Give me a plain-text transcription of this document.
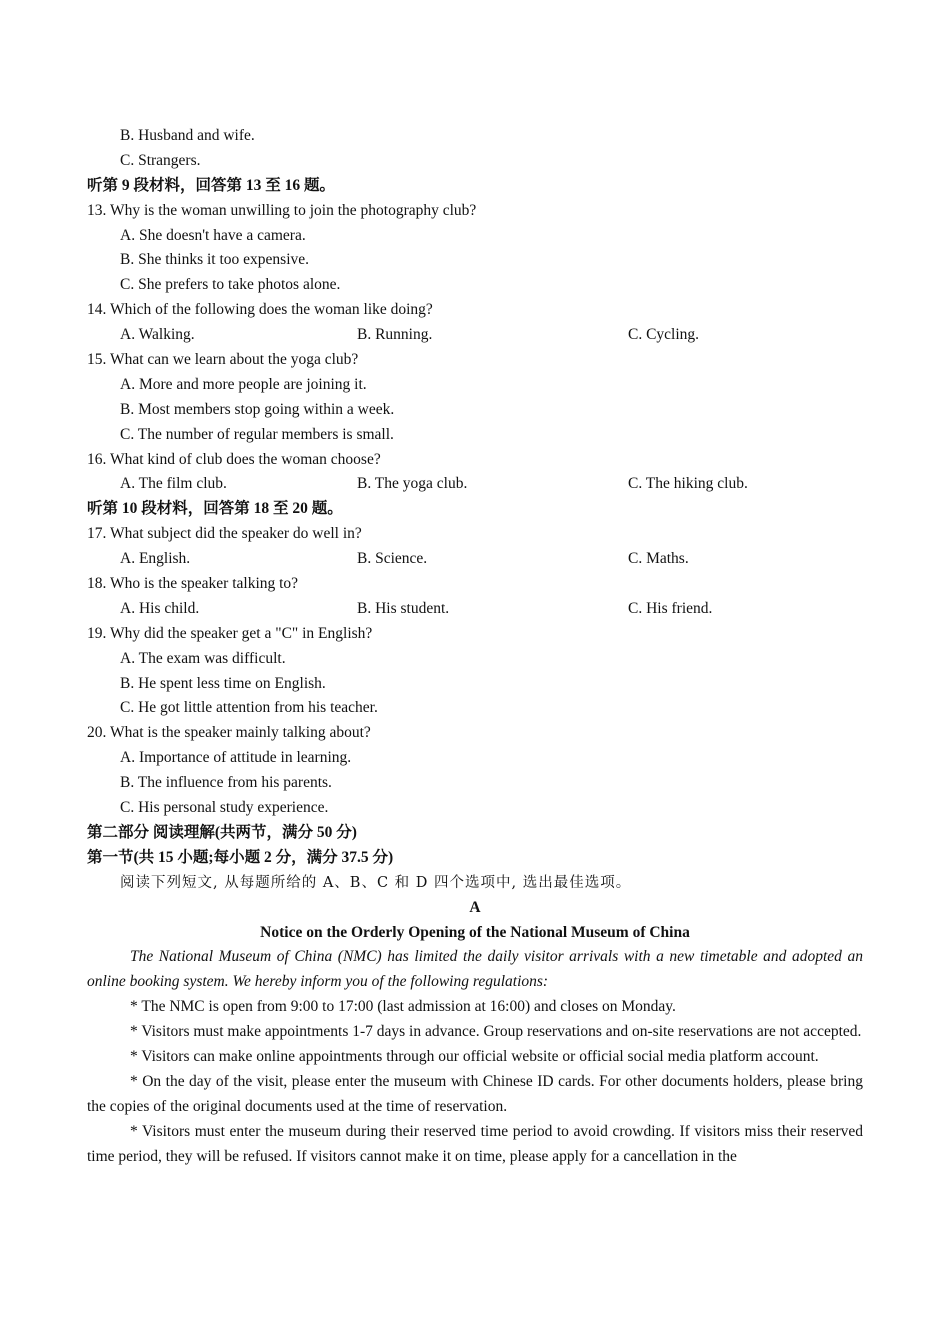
B. Husband and wife.
C. Strangers.
听第 9 段材料，回答第 13 至 16 题。
13. Why is the woman unwilling to join the photography club?
A. She doesn't have a camera.
B. She thinks it too expensive.
C. She prefers to take photos alone.
14. Which of the following does the woman like doing?
A. Walking.	B. Running.	C. Cycling.
15. What can we learn about the yoga club?
A. More and more people are joining it.
B. Most members stop going within a week.
C. The number of regular members is small.
16. What kind of club does the woman choose?
A. The film club.	B. The yoga club.	C. The hiking club.
听第 10 段材料，回答第 18 至 20 题。
17. What subject did the speaker do well in?
A. English.	B. Science.	C. Maths.
18. Who is the speaker talking to?
A. His child.	B. His student.	C. His friend.
19. Why did the speaker get a "C" in English?
A. The exam was difficult.
B. He spent less time on English.
C. He got little attention from his teacher.
20. What is the speaker mainly talking about?
A. Importance of attitude in learning.
B. The influence from his parents.
C. His personal study experience.
第二部分 阅读理解(共两节，满分 50 分)
第一节(共 15 小题;每小题 2 分，满分 37.5 分)
阅读下列短文, 从每题所给的 A、B、C 和 D 四个选项中, 选出最佳选项。
A
Notice on the Orderly Opening of the National Museum of China
The National Museum of China (NMC) has limited the daily visitor arrivals with a new timetable and adopted an online booking system. We hereby inform you of the following regulations:
* The NMC is open from 9:00 to 17:00 (last admission at 16:00) and closes on Monday.
* Visitors must make appointments 1-7 days in advance. Group reservations and on-site reservations are not accepted.
* Visitors can make online appointments through our official website or official social media platform account.
* On the day of the visit, please enter the museum with Chinese ID cards. For other documents holders, please bring the copies of the original documents used at the time of reservation.
* Visitors must enter the museum during their reserved time period to avoid crowding. If visitors miss their reserved time period, they will be refused. If visitors cannot make it on time, please apply for a cancellation in the
